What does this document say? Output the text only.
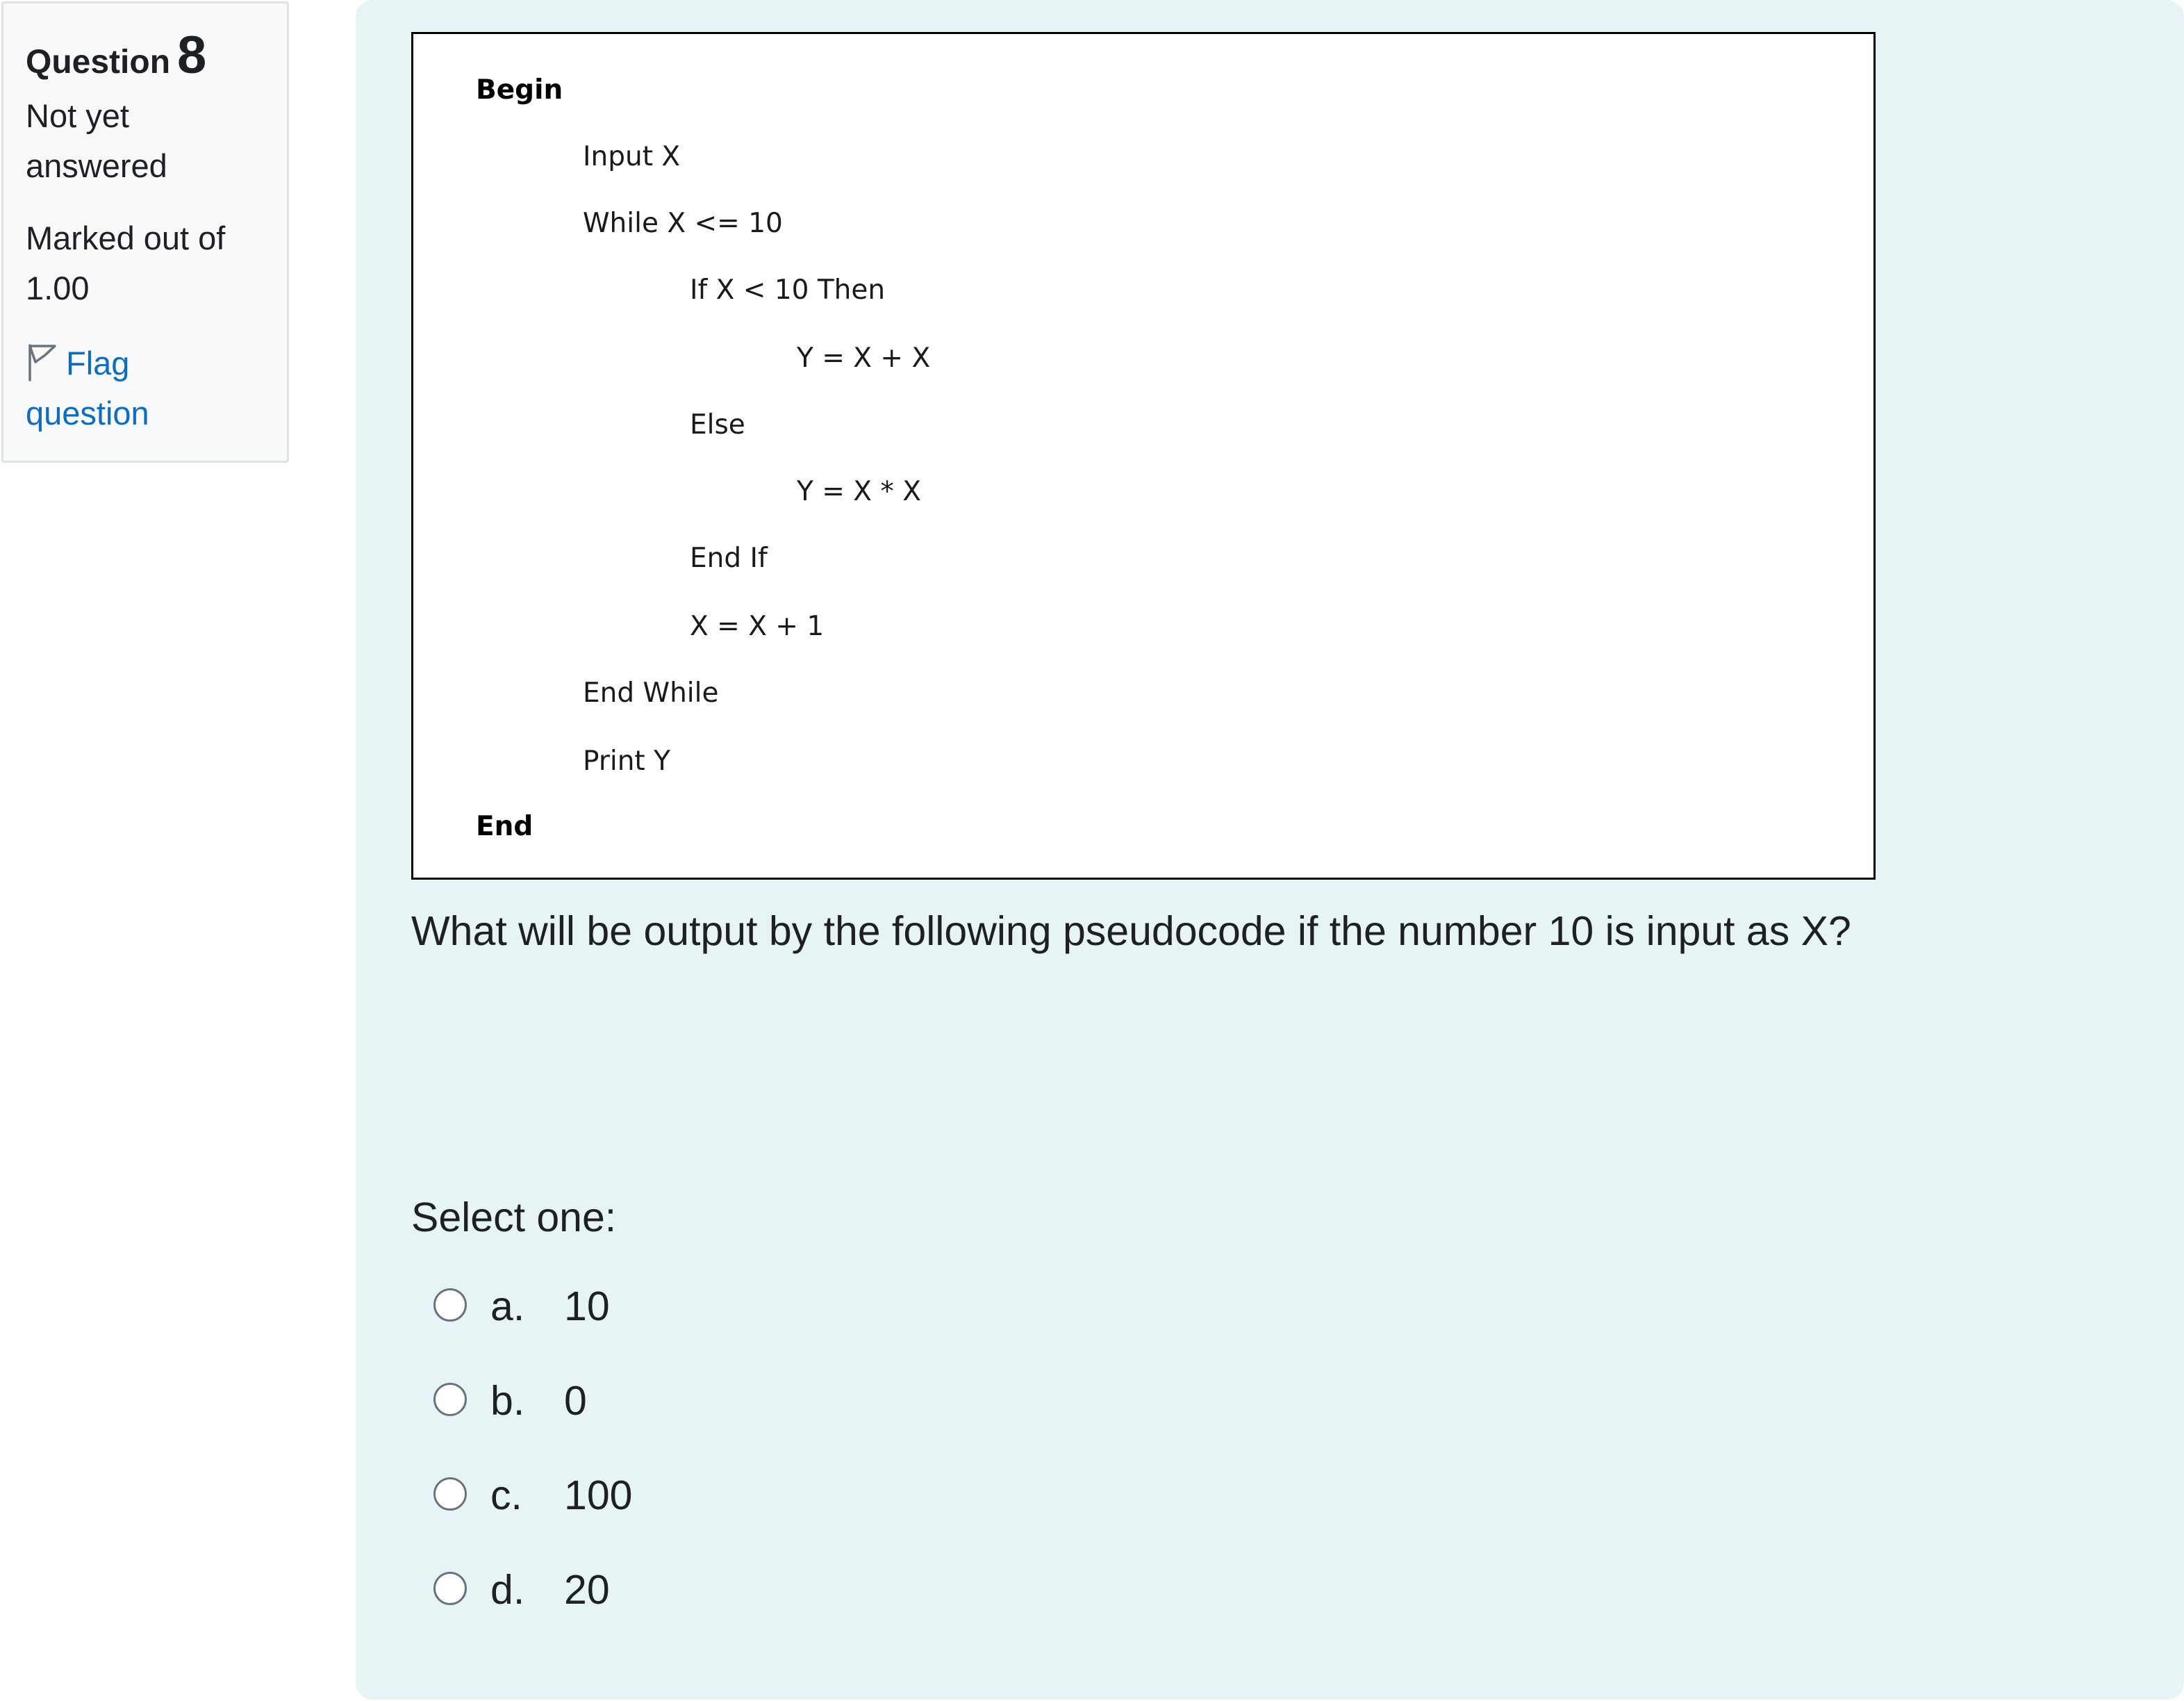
Question 8
Not yet
answered
Marked out of
1.00
Flag
question
Begin
Input X
While X <= 10
If X < 10 Then
Y = X + X
Else
Y = X * X
End If
X = X + 1
End While
Print Y
End
What will be output by the following pseudocode if the number 10 is input as X?
Select one:
a. 10
b. 0
c.	100
d. 20
